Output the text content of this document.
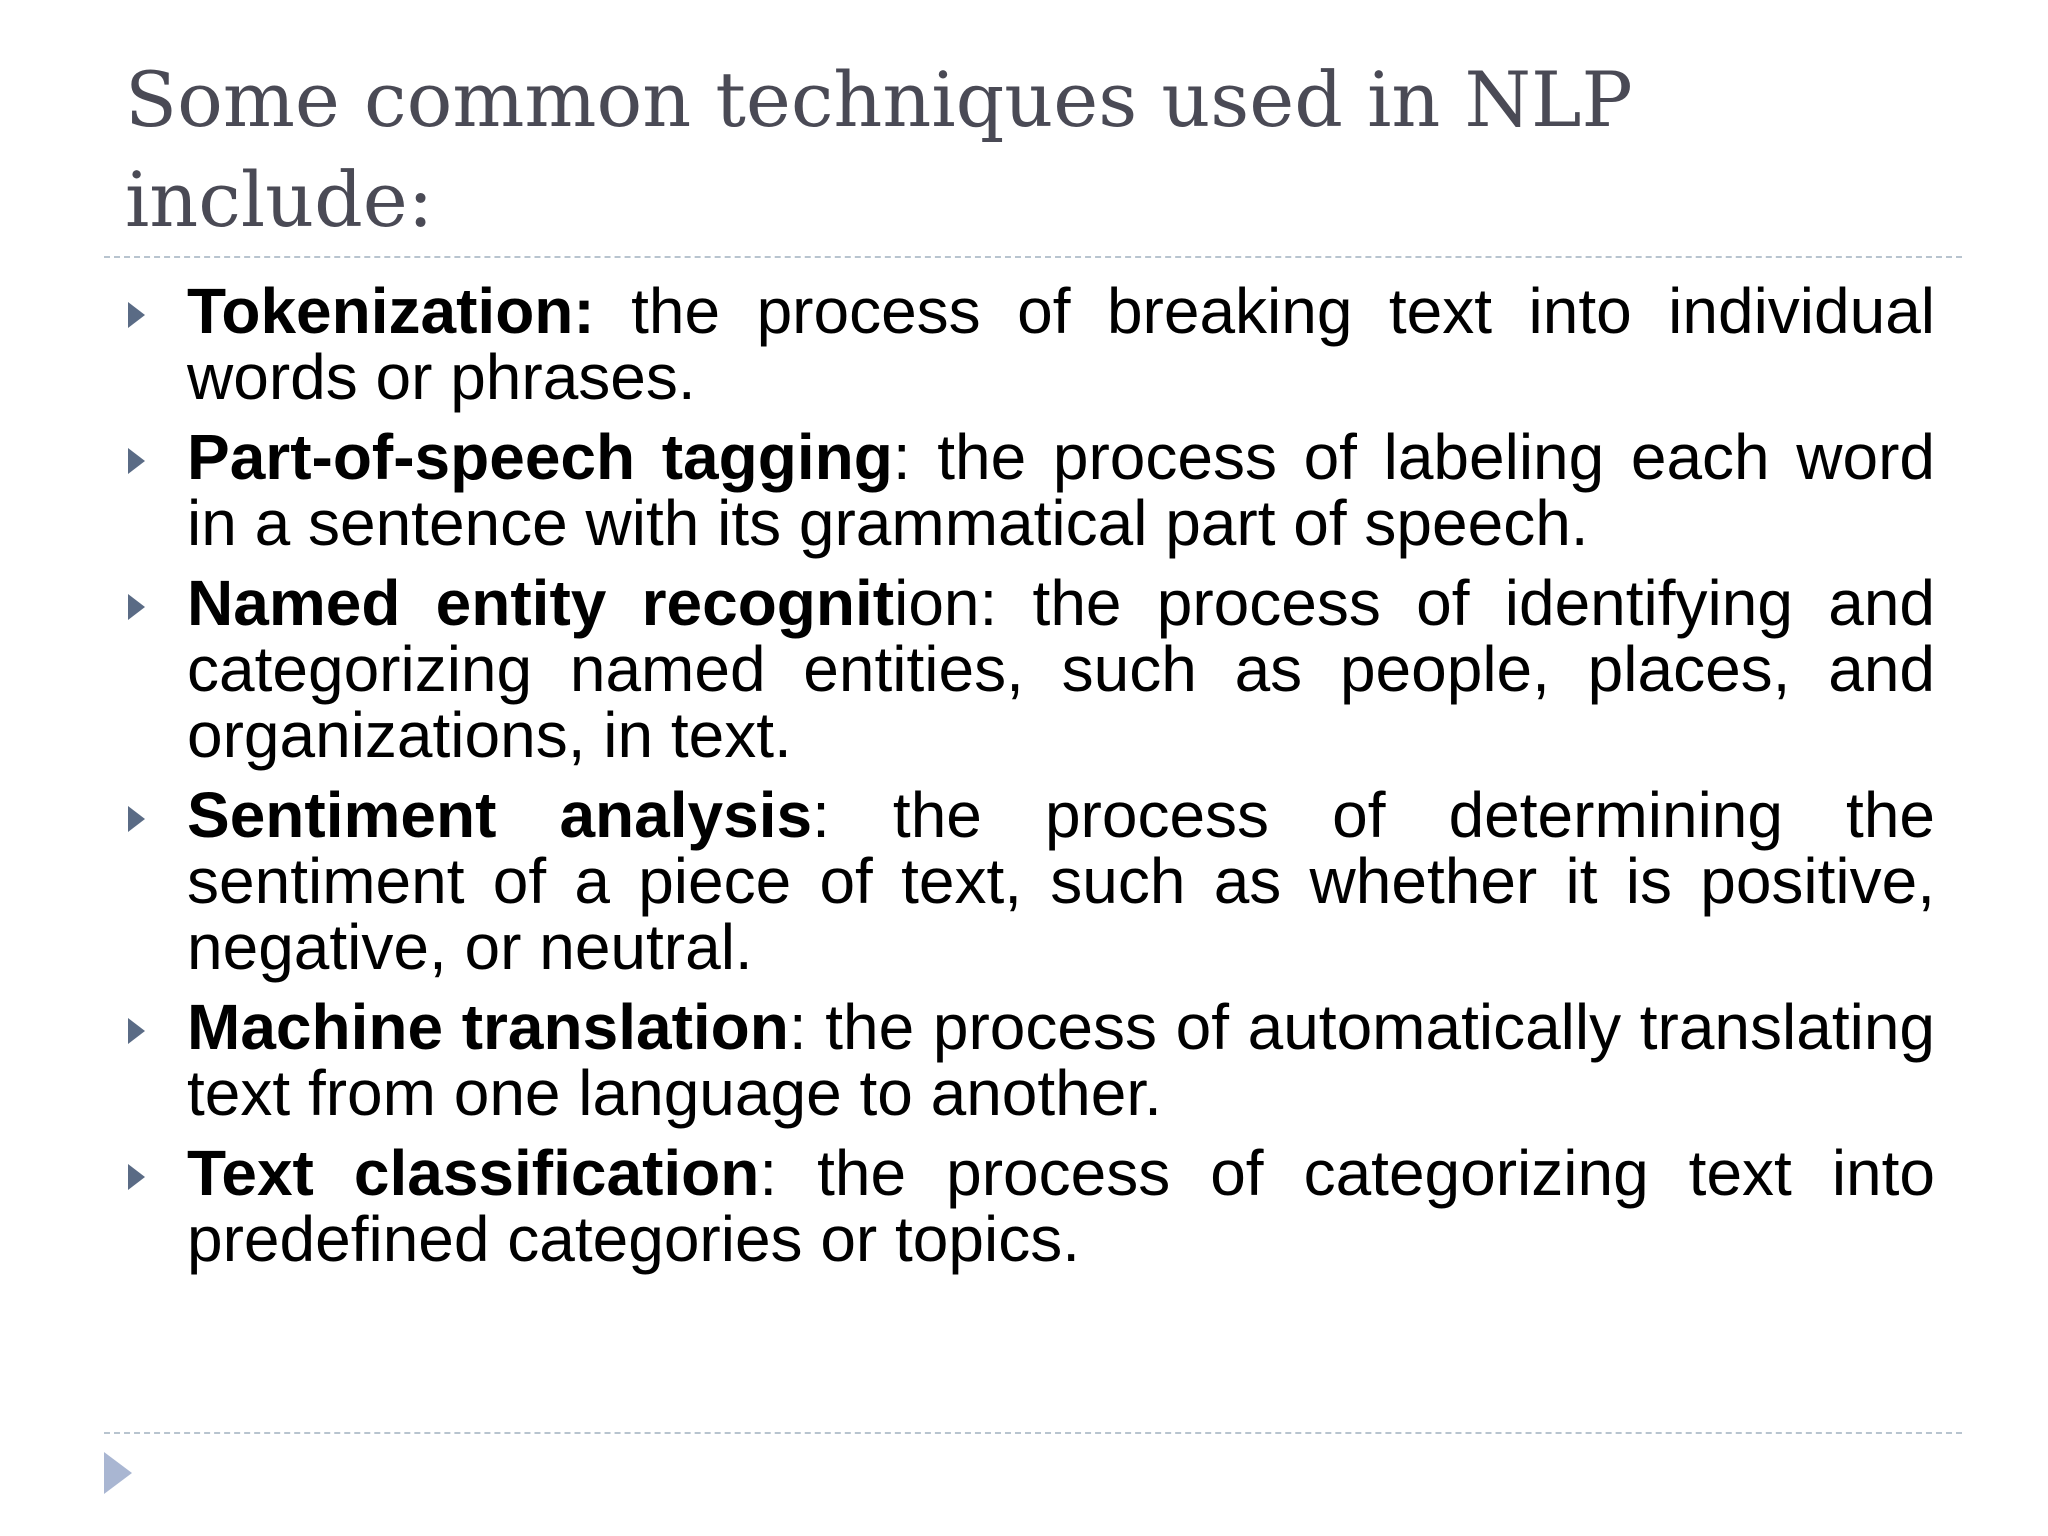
Some common techniques used in NLP include:
Tokenization: the process of breaking text into individual words or phrases.
Part-of-speech tagging: the process of labeling each word in a sentence with its grammatical part of speech.
Named entity recognition: the process of identifying and categorizing named entities, such as people, places, and organizations, in text.
Sentiment analysis: the process of determining the sentiment of a piece of text, such as whether it is positive, negative, or neutral.
Machine translation: the process of automatically translating text from one language to another.
Text classification: the process of categorizing text into predefined categories or topics.
